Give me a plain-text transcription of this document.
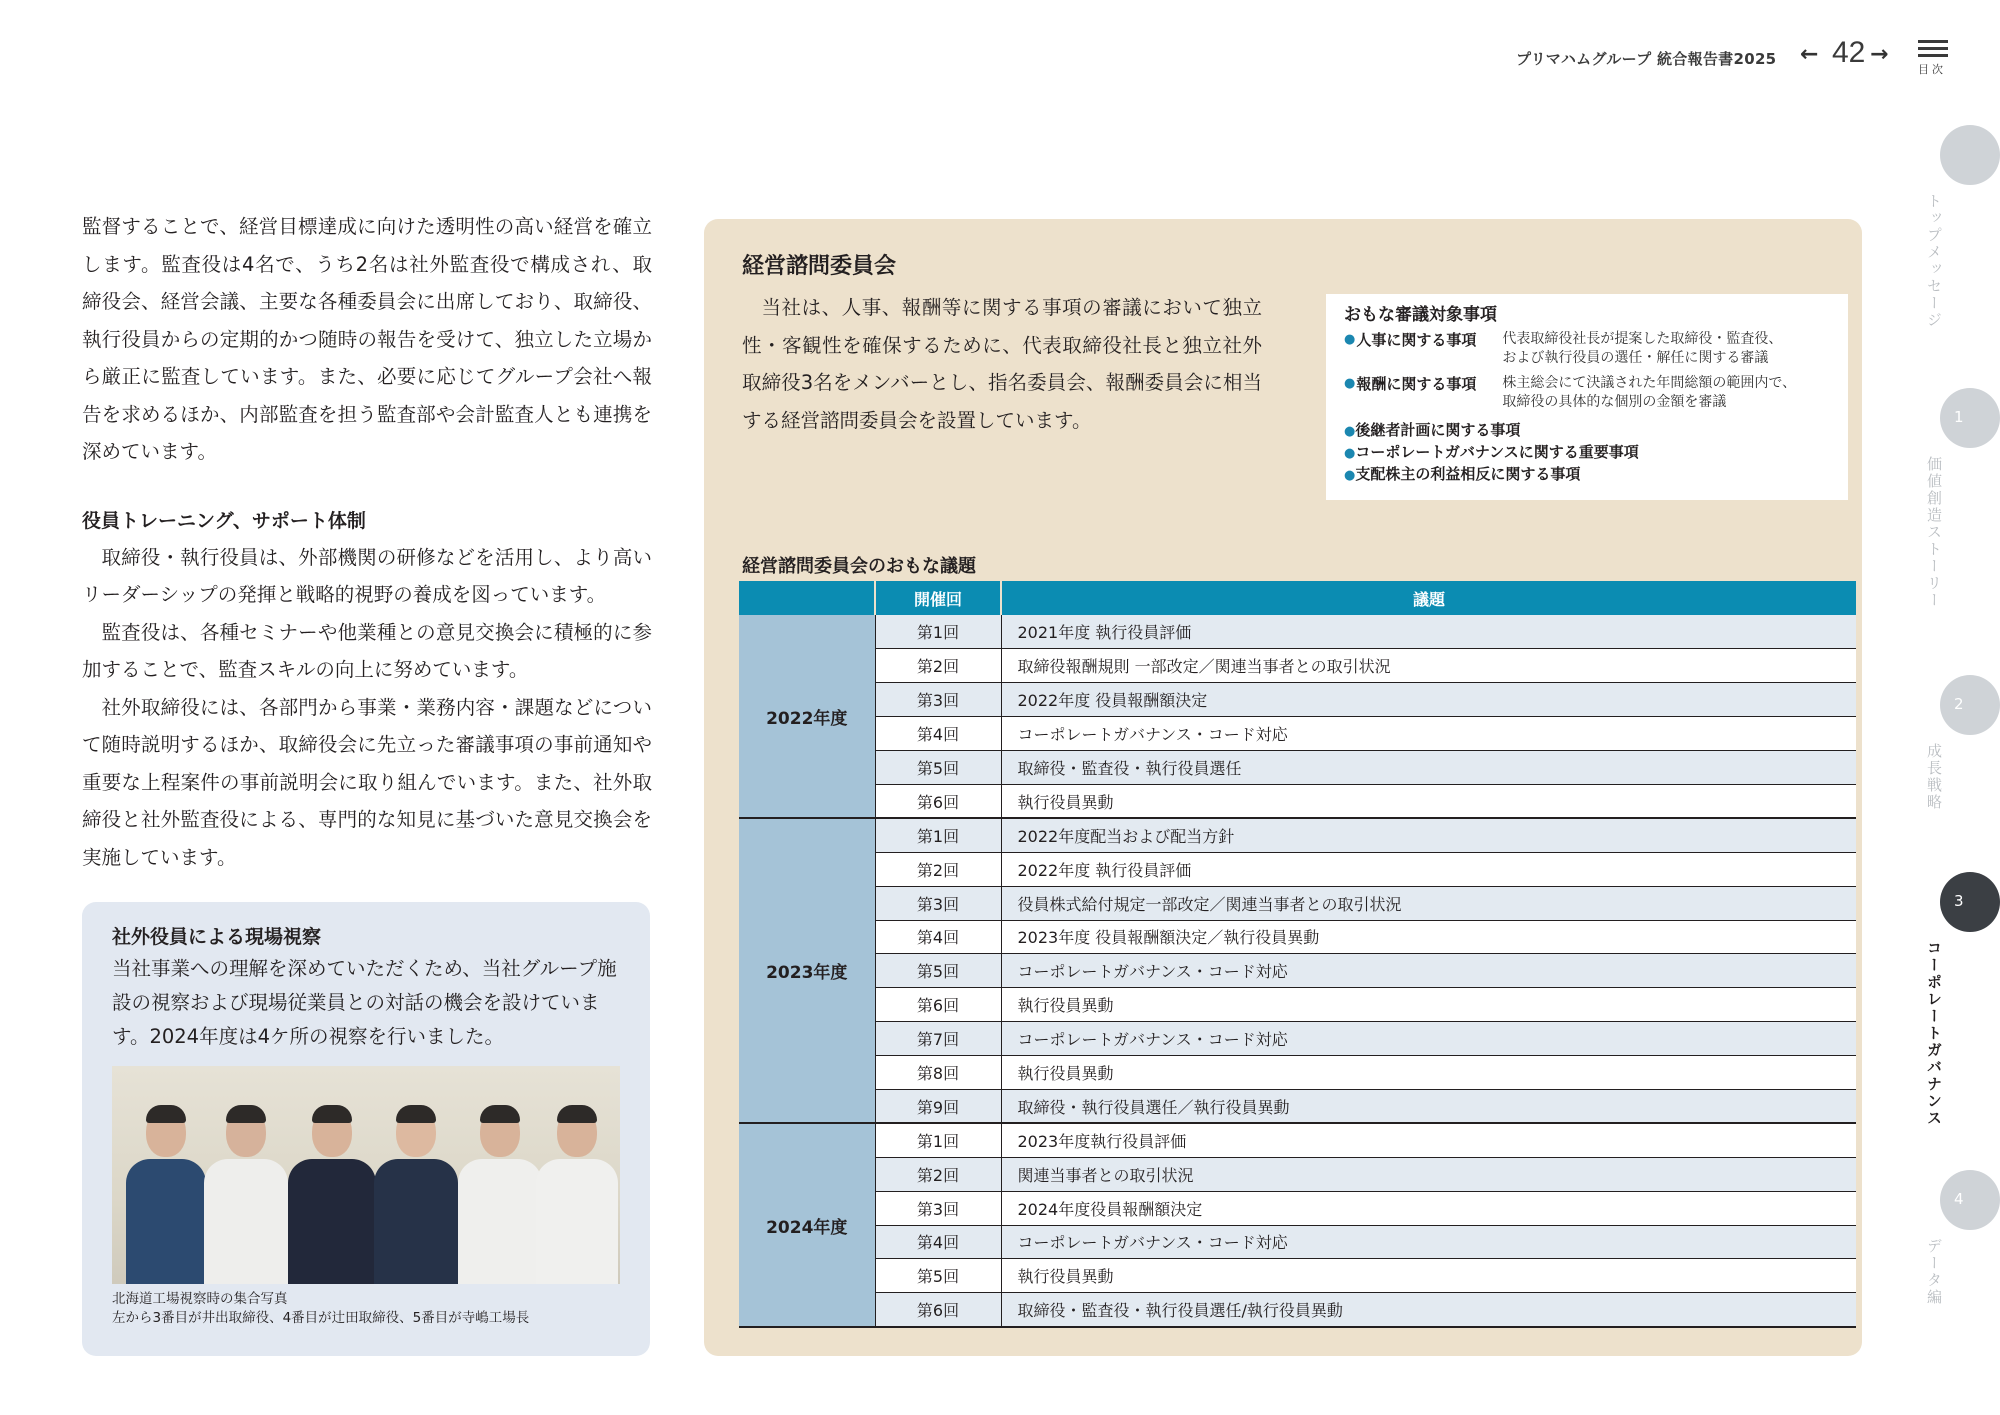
プリマハムグループ 統合報告書2025 ← 42 →
目次
トップメッセージ
1
価値創造ストーリー
2
成長戦略
3
コーポレートガバナンス
4
データ編

監督することで、経営目標達成に向けた透明性の高い経営を確立します。監査役は4名で、うち2名は社外監査役で構成され、取締役会、経営会議、主要な各種委員会に出席しており、取締役、執行役員からの定期的かつ随時の報告を受けて、独立した立場から厳正に監査しています。また、必要に応じてグループ会社へ報告を求めるほか、内部監査を担う監査部や会計監査人とも連携を深めています。

役員トレーニング、サポート体制

取締役・執行役員は、外部機関の研修などを活用し、より高いリーダーシップの発揮と戦略的視野の養成を図っています。

監査役は、各種セミナーや他業種との意見交換会に積極的に参加することで、監査スキルの向上に努めています。

社外取締役には、各部門から事業・業務内容・課題などについて随時説明するほか、取締役会に先立った審議事項の事前通知や重要な上程案件の事前説明会に取り組んでいます。また、社外取締役と社外監査役による、専門的な知見に基づいた意見交換会を実施しています。

社外役員による現場視察
当社事業への理解を深めていただくため、当社グループ施設の視察および現場従業員との対話の機会を設けています。2024年度は4ケ所の視察を行いました。
北海道工場視察時の集合写真
左から3番目が井出取締役、4番目が辻田取締役、5番目が寺嶋工場長
経営諮問委員会

当社は、人事、報酬等に関する事項の審議において独立性・客観性を確保するために、代表取締役社長と独立社外取締役3名をメンバーとし、指名委員会、報酬委員会に相当する経営諮問委員会を設置しています。

おもな審議対象事項
● 人事に関する事項	代表取締役社長が提案した取締役・監査役、
および執行役員の選任・解任に関する審議
● 報酬に関する事項	株主総会にて決議された年間総額の範囲内で、
取締役の具体的な個別の金額を審議
●後継者計画に関する事項
●コーポレートガバナンスに関する重要事項
●支配株主の利益相反に関する事項
経営諮問委員会のおもな議題
	開催回	議題
2022年度	第1回	2021年度 執行役員評価
	第2回	取締役報酬規則 一部改定／関連当事者との取引状況
	第3回	2022年度 役員報酬額決定
	第4回	コーポレートガバナンス・コード対応
	第5回	取締役・監査役・執行役員選任
	第6回	執行役員異動
2023年度	第1回	2022年度配当および配当方針
	第2回	2022年度 執行役員評価
	第3回	役員株式給付規定一部改定／関連当事者との取引状況
	第4回	2023年度 役員報酬額決定／執行役員異動
	第5回	コーポレートガバナンス・コード対応
	第6回	執行役員異動
	第7回	コーポレートガバナンス・コード対応
	第8回	執行役員異動
	第9回	取締役・執行役員選任／執行役員異動
2024年度	第1回	2023年度執行役員評価
	第2回	関連当事者との取引状況
	第3回	2024年度役員報酬額決定
	第4回	コーポレートガバナンス・コード対応
	第5回	執行役員異動
	第6回	取締役・監査役・執行役員選任/執行役員異動
